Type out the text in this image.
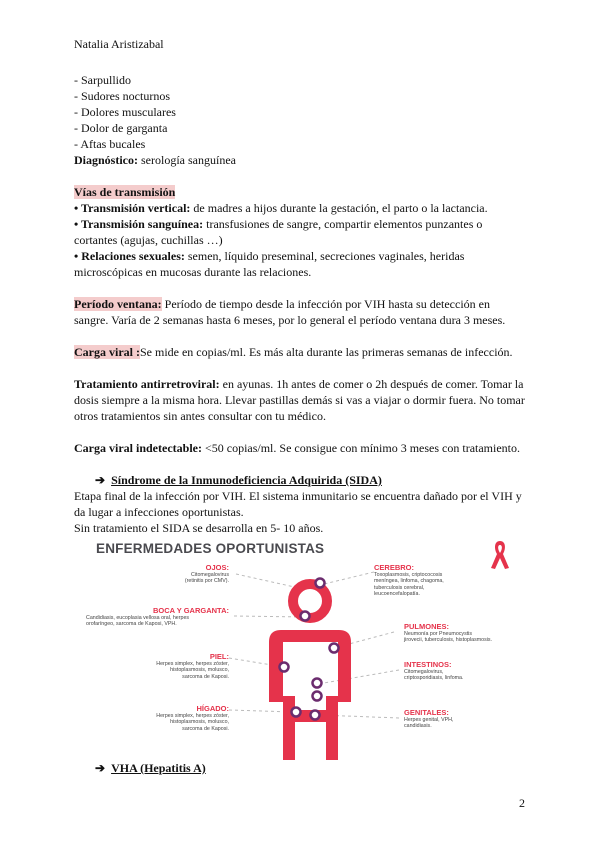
Natalia Aristizabal
- Sarpullido
- Sudores nocturnos
- Dolores musculares
- Dolor de garganta
- Aftas bucales
Diagnóstico: serología sanguínea
Vías de transmisión
• Transmisión vertical: de madres a hijos durante la gestación, el parto o la lactancia.
• Transmisión sanguínea: transfusiones de sangre, compartir elementos punzantes o
cortantes (agujas, cuchillas …)
• Relaciones sexuales: semen, líquido preseminal, secreciones vaginales, heridas
microscópicas en mucosas durante las relaciones.
Período ventana: Período de tiempo desde la infección por VIH hasta su detección en
sangre. Varía de 2 semanas hasta 6 meses, por lo general el período ventana dura 3 meses.
Carga viral :Se mide en copias/ml. Es más alta durante las primeras semanas de infección.
Tratamiento antirretroviral: en ayunas. 1h antes de comer o 2h después de comer. Tomar la
dosis siempre a la misma hora. Llevar pastillas demás si vas a viajar o dormir fuera. No tomar
otros tratamientos sin antes consultar con tu médico.
Carga viral indetectable: <50 copias/ml. Se consigue con mínimo 3 meses con tratamiento.
➔ Síndrome de la Inmunodeficiencia Adquirida (SIDA)
Etapa final de la infección por VIH. El sistema inmunitario se encuentra dañado por el VIH y
da lugar a infecciones oportunistas.
Sin tratamiento el SIDA se desarrolla en 5- 10 años.
ENFERMEDADES OPORTUNISTAS
OJOS:
Citomegalovirus
(retinitis por CMV).
BOCA Y GARGANTA:
Candidiasis, eucoplasia vellosa oral, herpes
orofaríngeo, sarcoma de Kaposi, VPH.
PIEL:
Herpes simplex, herpes zóster,
histoplasmosis, molusco,
sarcoma de Kaposi.
HÍGADO:
Herpes simplex, herpes zóster,
histoplasmosis, molusco,
sarcoma de Kaposi.
CEREBRO:
Toxoplasmosis, criptococosis
meníngea, linfoma, chagoma,
tuberculosis cerebral,
leucoencefalopatía.
PULMONES:
Neumonía por Pneumocystis
jirovecii, tuberculosis, histoplasmosis.
INTESTINOS:
Citomegalovirus,
criptosporidiasis, linfoma.
GENITALES:
Herpes genital, VPH,
candidiasis.
➔ VHA (Hepatitis A)
2
